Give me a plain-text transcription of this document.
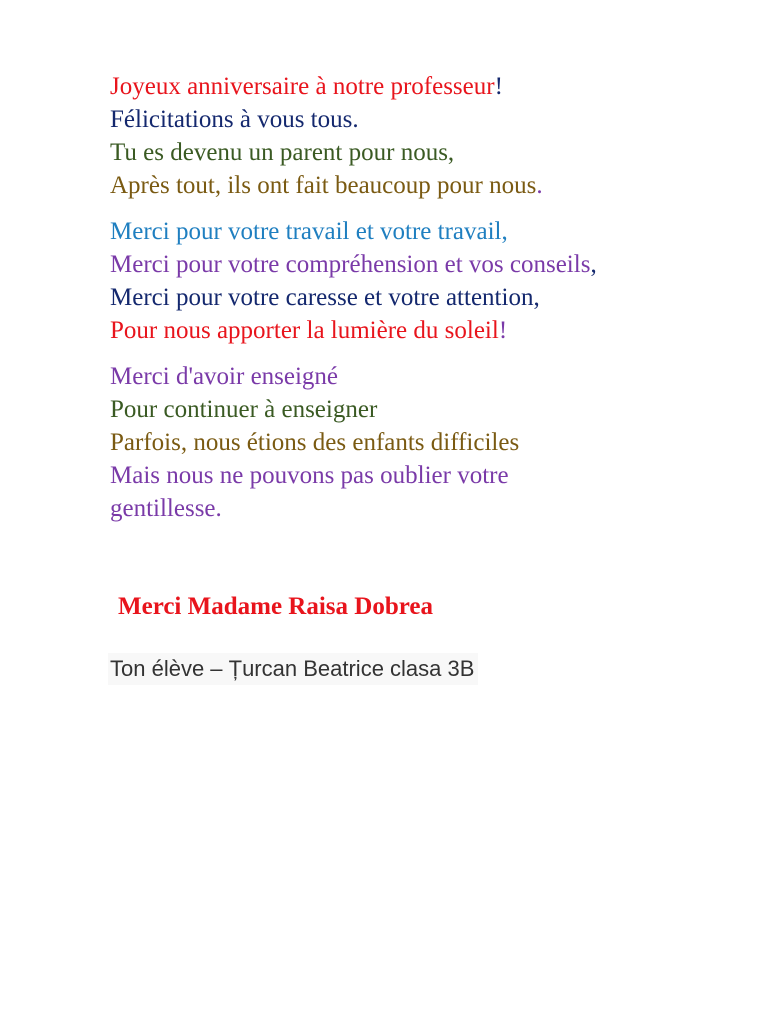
Joyeux anniversaire à notre professeur!
Félicitations à vous tous.
Tu es devenu un parent pour nous,
Après tout, ils ont fait beaucoup pour nous.
Merci pour votre travail et votre travail,
Merci pour votre compréhension et vos conseils,
Merci pour votre caresse et votre attention,
Pour nous apporter la lumière du soleil!
Merci d'avoir enseigné
Pour continuer à enseigner
Parfois, nous étions des enfants difficiles
Mais nous ne pouvons pas oublier votre
gentillesse.
Merci Madame Raisa Dobrea
Ton élève – Țurcan Beatrice clasa 3B
